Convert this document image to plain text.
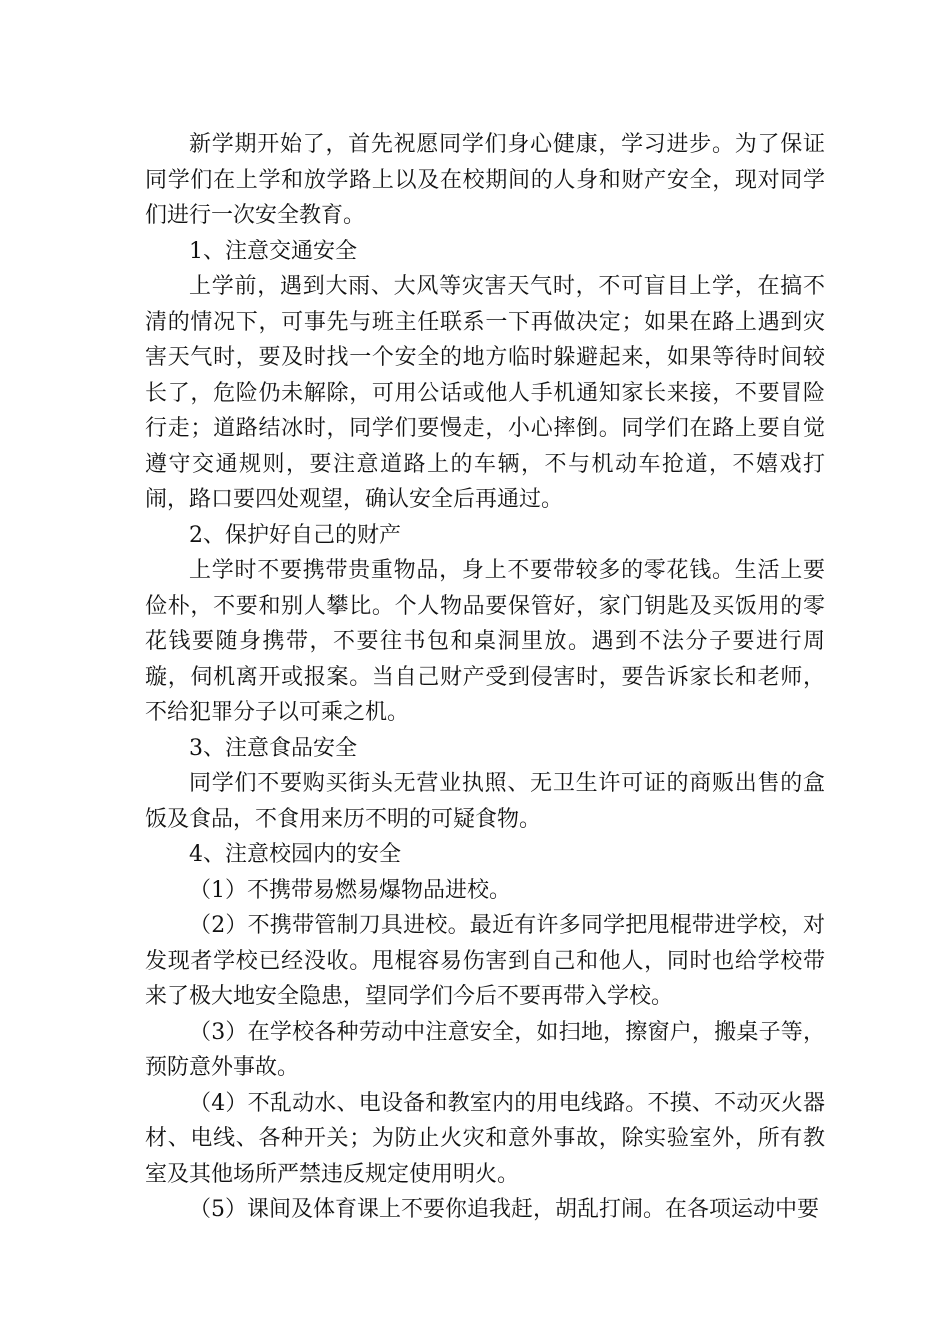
新学期开始了，首先祝愿同学们身心健康，学习进步。为了保证同学们在上学和放学路上以及在校期间的人身和财产安全，现对同学们进行一次安全教育。

1、注意交通安全

上学前，遇到大雨、大风等灾害天气时，不可盲目上学，在搞不清的情况下，可事先与班主任联系一下再做决定；如果在路上遇到灾害天气时，要及时找一个安全的地方临时躲避起来，如果等待时间较长了，危险仍未解除，可用公话或他人手机通知家长来接，不要冒险行走；道路结冰时，同学们要慢走，小心摔倒。同学们在路上要自觉遵守交通规则，要注意道路上的车辆，不与机动车抢道，不嬉戏打闹，路口要四处观望，确认安全后再通过。

2、保护好自己的财产

上学时不要携带贵重物品，身上不要带较多的零花钱。生活上要俭朴，不要和别人攀比。个人物品要保管好，家门钥匙及买饭用的零花钱要随身携带，不要往书包和桌洞里放。遇到不法分子要进行周璇，伺机离开或报案。当自己财产受到侵害时，要告诉家长和老师，不给犯罪分子以可乘之机。

3、注意食品安全

同学们不要购买街头无营业执照、无卫生许可证的商贩出售的盒饭及食品，不食用来历不明的可疑食物。

4、注意校园内的安全

（1）不携带易燃易爆物品进校。

（2）不携带管制刀具进校。最近有许多同学把甩棍带进学校，对发现者学校已经没收。甩棍容易伤害到自己和他人，同时也给学校带来了极大地安全隐患，望同学们今后不要再带入学校。

（3）在学校各种劳动中注意安全，如扫地，擦窗户，搬桌子等，预防意外事故。

（4）不乱动水、电设备和教室内的用电线路。不摸、不动灭火器材、电线、各种开关；为防止火灾和意外事故，除实验室外，所有教室及其他场所严禁违反规定使用明火。

（5）课间及体育课上不要你追我赶，胡乱打闹。在各项运动中要
